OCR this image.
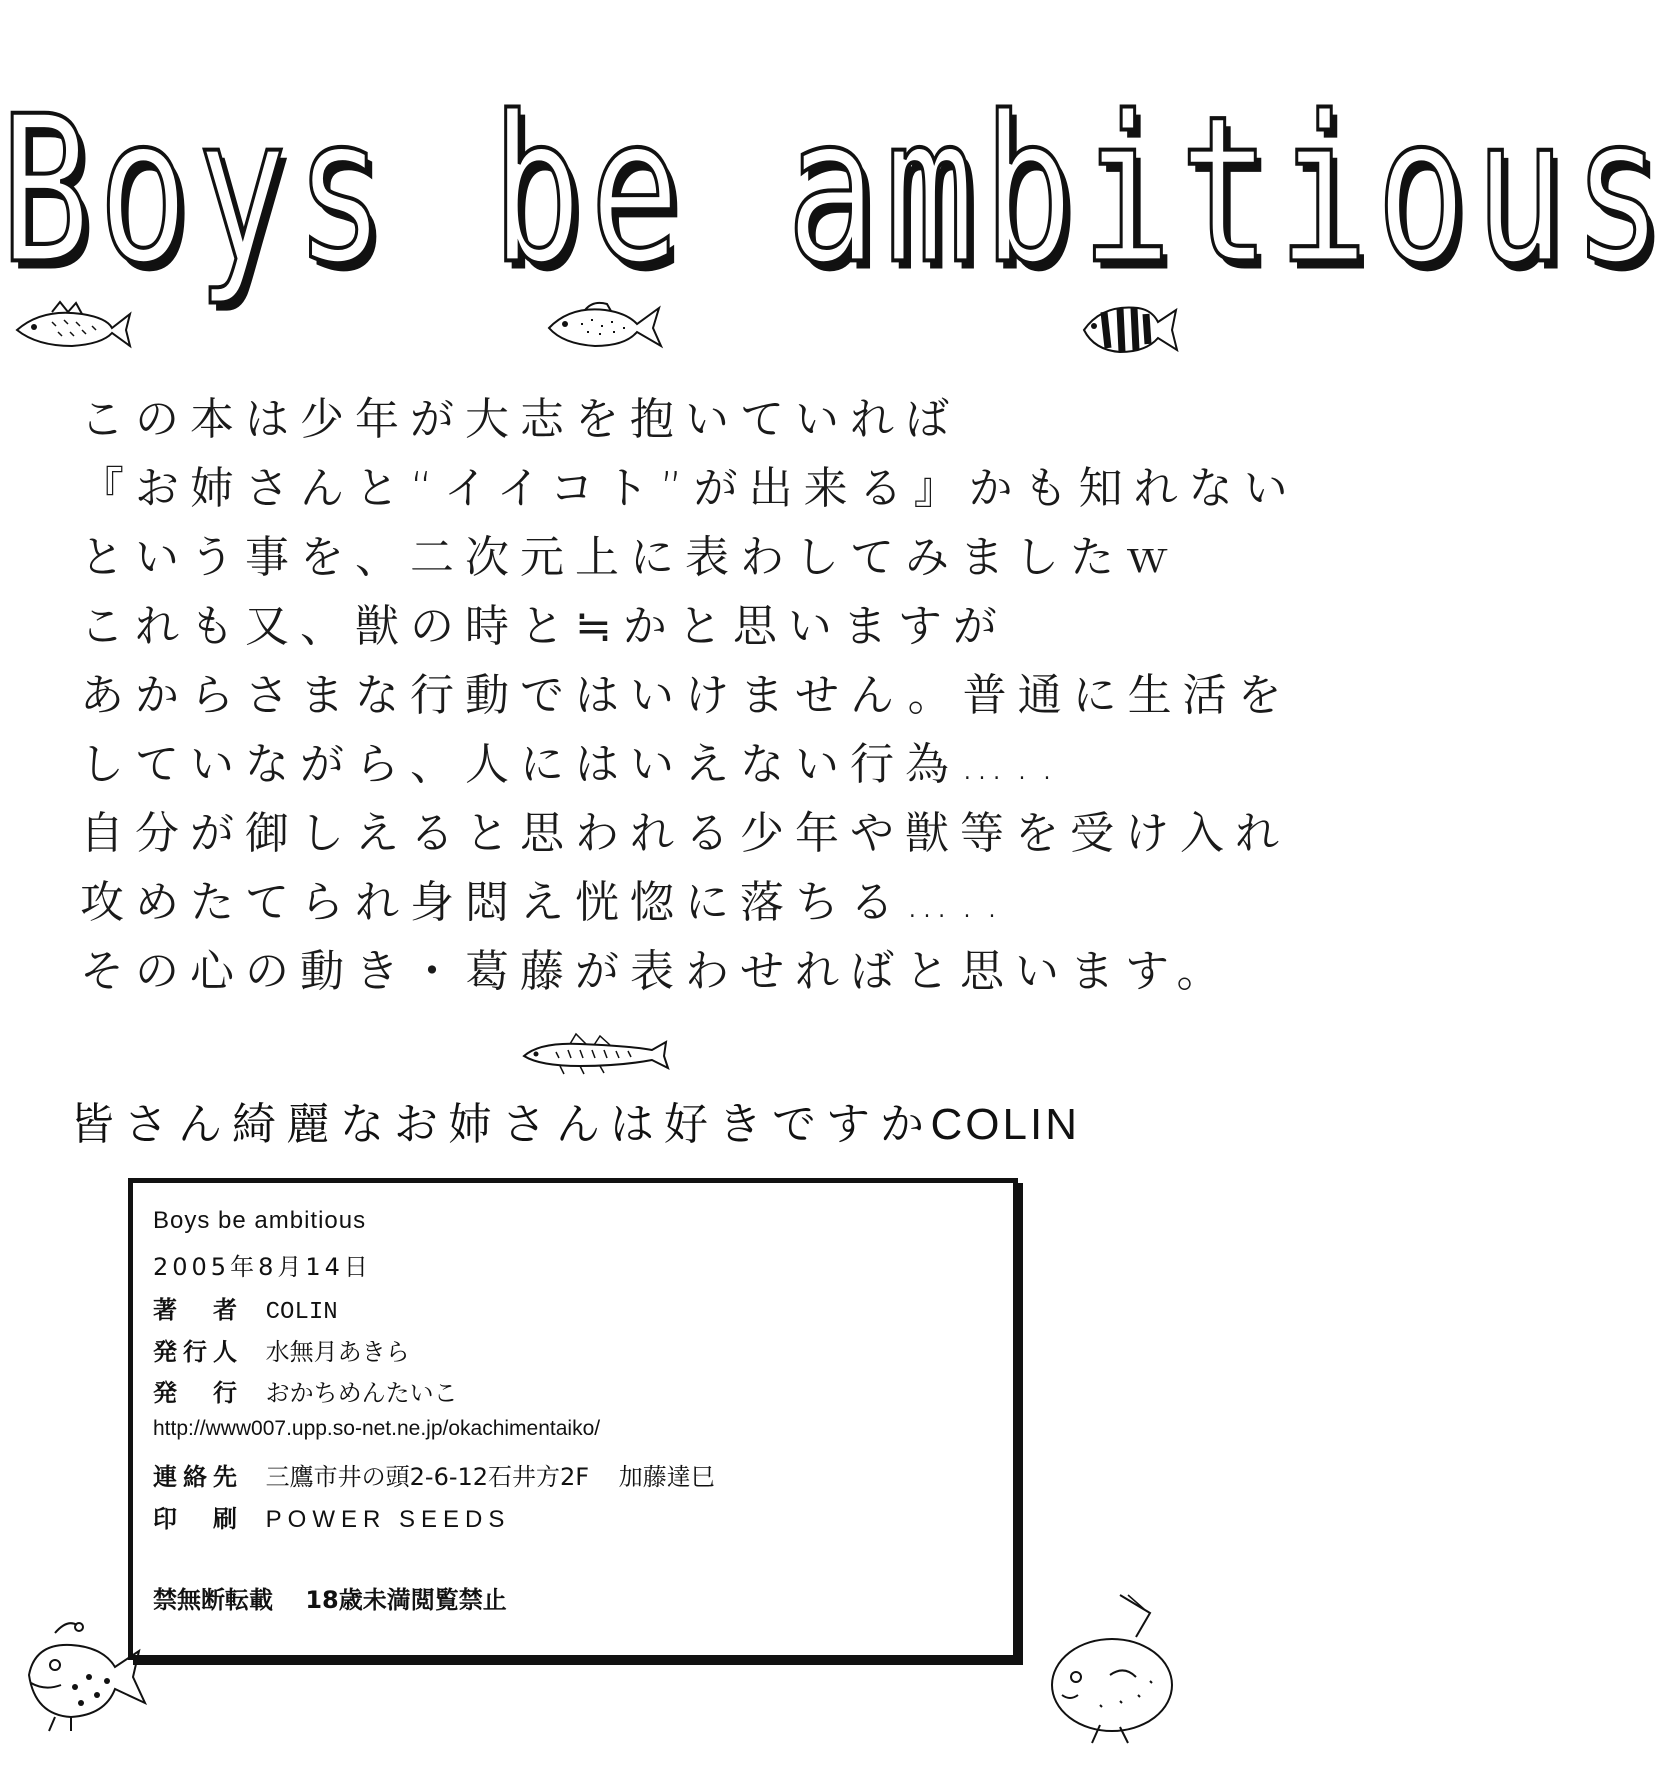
Boys be ambitious
この本は少年が大志を抱いていれば
『お姉さんと“イイコト”が出来る』かも知れない
という事を、二次元上に表わしてみましたｗ
これも又、獣の時と≒かと思いますが
あからさまな行動ではいけません。普通に生活を
していながら、人にはいえない行為…..
自分が御しえると思われる少年や獣等を受け入れ
攻めたてられ身悶え恍惚に落ちる…..
その心の動き・葛藤が表わせればと思います。
皆さん綺麗なお姉さんは好きですか
COLIN
Boys be ambitious
2005年8月14日
著　者 COLIN
発行人 水無月あきら
発　行 おかちめんたいこ
http://www007.upp.so-net.ne.jp/okachimentaiko/
連絡先 三鷹市井の頭2-6-12石井方2F 加藤達巳
印　刷 POWER SEEDS
禁無断転載 18歳未満閲覧禁止
